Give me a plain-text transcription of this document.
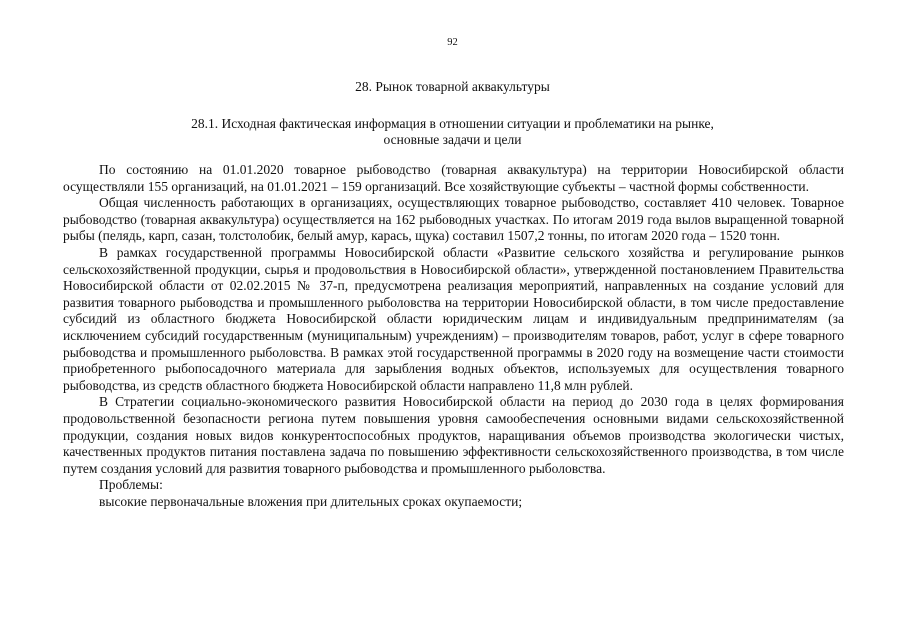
92
28. Рынок товарной аквакультуры
28.1. Исходная фактическая информация в отношении ситуации и проблематики на рынке,
основные задачи и цели

По состоянию на 01.01.2020 товарное рыбоводство (товарная аквакультура) на территории Новосибирской области осуществляли 155 организаций, на 01.01.2021 – 159 организаций. Все хозяйствующие субъекты – частной формы собственности.

Общая численность работающих в организациях, осуществляющих товарное рыбоводство, составляет 410 человек. Товарное рыбоводство (товарная аквакультура) осуществляется на 162 рыбоводных участках. По итогам 2019 года вылов выращенной товарной рыбы (пелядь, карп, сазан, толстолобик, белый амур, карась, щука) составил 1507,2 тонны, по итогам 2020 года – 1520 тонн.

В рамках государственной программы Новосибирской области «Развитие сельского хозяйства и регулирование рынков сельскохозяйственной продукции, сырья и продовольствия в Новосибирской области», утвержденной постановлением Правительства Новосибирской области от 02.02.2015 № 37-п, предусмотрена реализация мероприятий, направленных на создание условий для развития товарного рыбоводства и промышленного рыболовства на территории Новосибирской области, в том числе предоставление субсидий из областного бюджета Новосибирской области юридическим лицам и индивидуальным предпринимателям (за исключением субсидий государственным (муниципальным) учреждениям) – производителям товаров, работ, услуг в сфере товарного рыбоводства и промышленного рыболовства. В рамках этой государственной программы в 2020 году на возмещение части стоимости приобретенного рыбопосадочного материала для зарыбления водных объектов, используемых для осуществления товарного рыбоводства, из средств областного бюджета Новосибирской области направлено 11,8 млн рублей.

В Стратегии социально-экономического развития Новосибирской области на период до 2030 года в целях формирования продовольственной безопасности региона путем повышения уровня самообеспечения основными видами сельскохозяйственной продукции, создания новых видов конкурентоспособных продуктов, наращивания объемов производства экологически чистых, качественных продуктов питания поставлена задача по повышению эффективности сельскохозяйственного производства, в том числе путем создания условий для развития товарного рыбоводства и промышленного рыболовства.

Проблемы:

высокие первоначальные вложения при длительных сроках окупаемости;
